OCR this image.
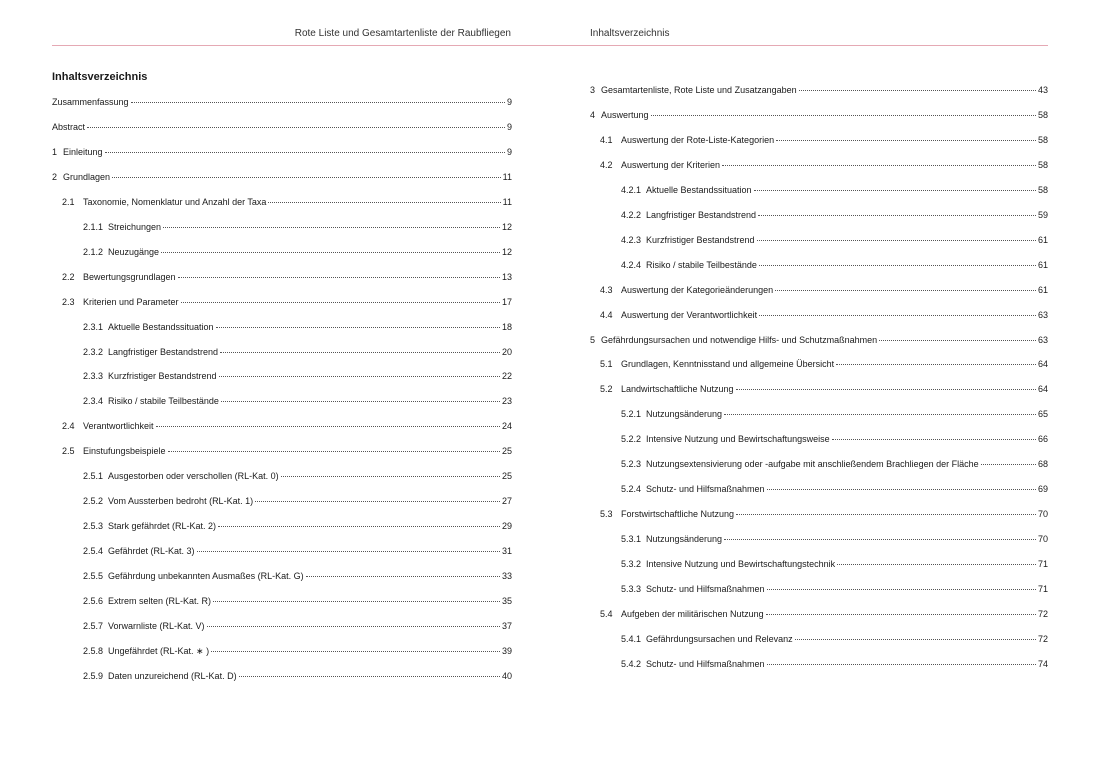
Rote Liste und Gesamtartenliste der Raubfliegen	Inhaltsverzeichnis
Inhaltsverzeichnis
Zusammenfassung	9
Abstract	9
1 Einleitung	9
2 Grundlagen	11
2.1 Taxonomie, Nomenklatur und Anzahl der Taxa	11
2.1.1 Streichungen	12
2.1.2 Neuzugänge	12
2.2 Bewertungsgrundlagen	13
2.3 Kriterien und Parameter	17
2.3.1 Aktuelle Bestandssituation	18
2.3.2 Langfristiger Bestandstrend	20
2.3.3 Kurzfristiger Bestandstrend	22
2.3.4 Risiko / stabile Teilbestände	23
2.4 Verantwortlichkeit	24
2.5 Einstufungsbeispiele	25
2.5.1 Ausgestorben oder verschollen (RL-Kat. 0)	25
2.5.2 Vom Aussterben bedroht (RL-Kat. 1)	27
2.5.3 Stark gefährdet (RL-Kat. 2)	29
2.5.4 Gefährdet (RL-Kat. 3)	31
2.5.5 Gefährdung unbekannten Ausmaßes (RL-Kat. G)	33
2.5.6 Extrem selten (RL-Kat. R)	35
2.5.7 Vorwarnliste (RL-Kat. V)	37
2.5.8 Ungefährdet (RL-Kat. ∗ )	39
2.5.9 Daten unzureichend (RL-Kat. D)	40
3 Gesamtartenliste, Rote Liste und Zusatzangaben	43
4 Auswertung	58
4.1 Auswertung der Rote-Liste-Kategorien	58
4.2 Auswertung der Kriterien	58
4.2.1 Aktuelle Bestandssituation	58
4.2.2 Langfristiger Bestandstrend	59
4.2.3 Kurzfristiger Bestandstrend	61
4.2.4 Risiko / stabile Teilbestände	61
4.3 Auswertung der Kategorieänderungen	61
4.4 Auswertung der Verantwortlichkeit	63
5 Gefährdungsursachen und notwendige Hilfs- und Schutzmaßnahmen	63
5.1 Grundlagen, Kenntnisstand und allgemeine Übersicht	64
5.2 Landwirtschaftliche Nutzung	64
5.2.1 Nutzungsänderung	65
5.2.2 Intensive Nutzung und Bewirtschaftungsweise	66
5.2.3 Nutzungsextensivierung oder -aufgabe mit anschließendem Brachliegen der Fläche	68
5.2.4 Schutz- und Hilfsmaßnahmen	69
5.3 Forstwirtschaftliche Nutzung	70
5.3.1 Nutzungsänderung	70
5.3.2 Intensive Nutzung und Bewirtschaftungstechnik	71
5.3.3 Schutz- und Hilfsmaßnahmen	71
5.4 Aufgeben der militärischen Nutzung	72
5.4.1 Gefährdungsursachen und Relevanz	72
5.4.2 Schutz- und Hilfsmaßnahmen	74
